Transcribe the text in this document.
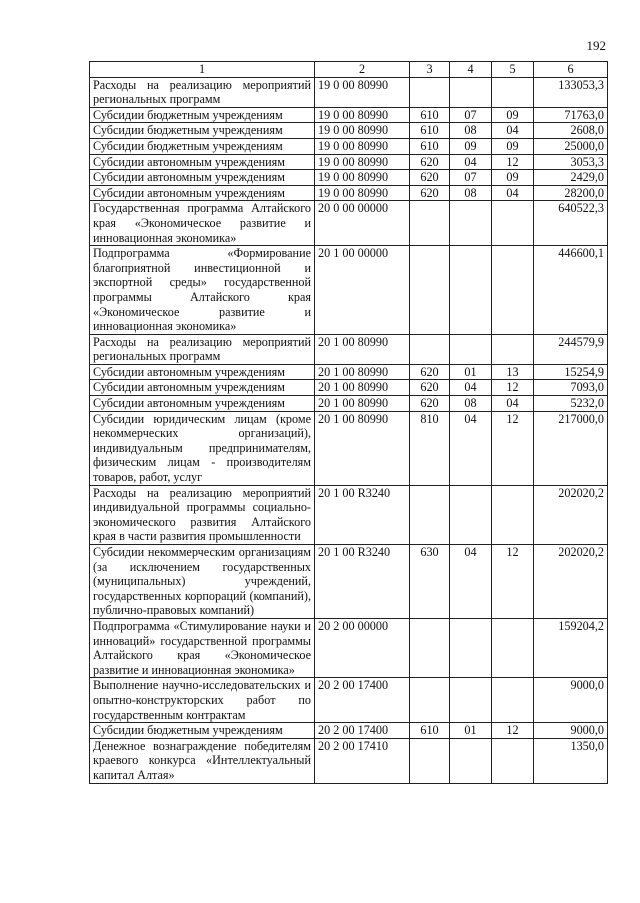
192
1	2	3	4	5	6
Расходы на реализацию мероприятий региональных программ	19 0 00 80990				133053,3
Субсидии бюджетным учреждениям	19 0 00 80990	610	07	09	71763,0
Субсидии бюджетным учреждениям	19 0 00 80990	610	08	04	2608,0
Субсидии бюджетным учреждениям	19 0 00 80990	610	09	09	25000,0
Субсидии автономным учреждениям	19 0 00 80990	620	04	12	3053,3
Субсидии автономным учреждениям	19 0 00 80990	620	07	09	2429,0
Субсидии автономным учреждениям	19 0 00 80990	620	08	04	28200,0
Государственная программа Алтайского края «Экономическое развитие и инновационная экономика»	20 0 00 00000				640522,3
Подпрограмма «Формирование благоприятной инвестиционной и экспортной среды» государственной программы Алтайского края «Экономическое развитие и инновационная экономика»	20 1 00 00000				446600,1
Расходы на реализацию мероприятий региональных программ	20 1 00 80990				244579,9
Субсидии автономным учреждениям	20 1 00 80990	620	01	13	15254,9
Субсидии автономным учреждениям	20 1 00 80990	620	04	12	7093,0
Субсидии автономным учреждениям	20 1 00 80990	620	08	04	5232,0
Субсидии юридическим лицам (кроме некоммерческих организаций), индивидуальным предпринимателям, физическим лицам - производителям товаров, работ, услуг	20 1 00 80990	810	04	12	217000,0
Расходы на реализацию мероприятий индивидуальной программы социально-экономического развития Алтайского края в части развития промышленности	20 1 00 R3240				202020,2
Субсидии некоммерческим организациям (за исключением государственных (муниципальных) учреждений, государственных корпораций (компаний), публично-правовых компаний)	20 1 00 R3240	630	04	12	202020,2
Подпрограмма «Стимулирование науки и инноваций» государственной программы Алтайского края «Экономическое развитие и инновационная экономика»	20 2 00 00000				159204,2
Выполнение научно-исследовательских и опытно-конструкторских работ по государственным контрактам	20 2 00 17400				9000,0
Субсидии бюджетным учреждениям	20 2 00 17400	610	01	12	9000,0
Денежное вознаграждение победителям краевого конкурса «Интеллектуальный капитал Алтая»	20 2 00 17410				1350,0
